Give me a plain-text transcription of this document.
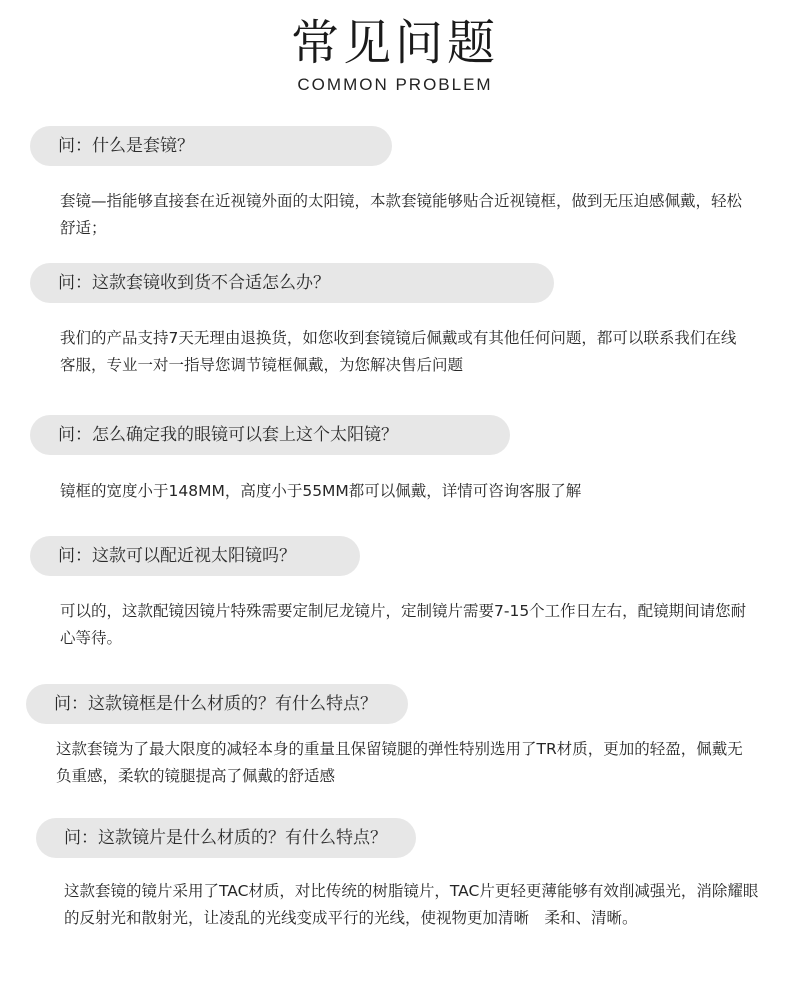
常见问题
COMMON PROBLEM
问：什么是套镜？
套镜—指能够直接套在近视镜外面的太阳镜，本款套镜能够贴合近视镜框，做到无压迫感佩戴，轻松舒适；
问：这款套镜收到货不合适怎么办？
我们的产品支持7天无理由退换货，如您收到套镜镜后佩戴或有其他任何问题，都可以联系我们在线客服，专业一对一指导您调节镜框佩戴，为您解决售后问题
问：怎么确定我的眼镜可以套上这个太阳镜？
镜框的宽度小于148MM，高度小于55MM都可以佩戴，详情可咨询客服了解
问：这款可以配近视太阳镜吗？
可以的，这款配镜因镜片特殊需要定制尼龙镜片，定制镜片需要7-15个工作日左右，配镜期间请您耐心等待。
问：这款镜框是什么材质的？有什么特点？
这款套镜为了最大限度的减轻本身的重量且保留镜腿的弹性特别选用了TR材质，更加的轻盈，佩戴无负重感，柔软的镜腿提高了佩戴的舒适感
问：这款镜片是什么材质的？有什么特点？
这款套镜的镜片采用了TAC材质，对比传统的树脂镜片，TAC片更轻更薄能够有效削减强光，消除耀眼的反射光和散射光，让凌乱的光线变成平行的光线，使视物更加清晰　柔和、清晰。
